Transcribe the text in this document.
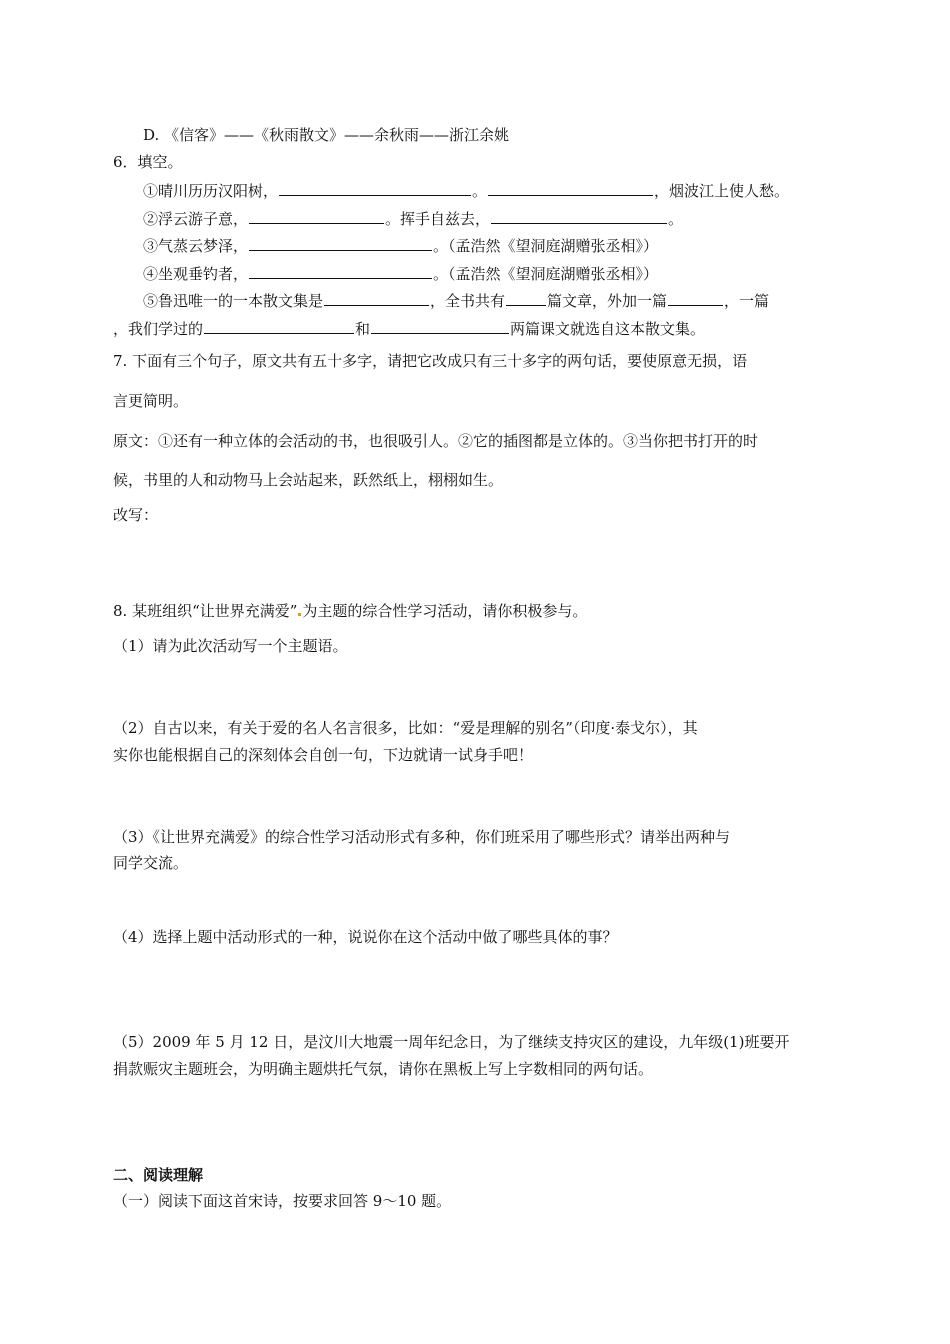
D. 《信客》——《秋雨散文》——余秋雨——浙江余姚
6．填空。
①晴川历历汉阳树，	。	，烟波江上使人愁。
②浮云游子意，	。挥手自兹去，	。
③气蒸云梦泽，	。（孟浩然《望洞庭湖赠张丞相》）
④坐观垂钓者，	。（孟浩然《望洞庭湖赠张丞相》）
⑤鲁迅唯一的一本散文集是	，全书共有	篇文章，外加一篇	，一篇
，我们学过的	和	两篇课文就选自这本散文集。
7. 下面有三个句子，原文共有五十多字，请把它改成只有三十多字的两句话，要使原意无损，语
言更简明。
原文：①还有一种立体的会活动的书，也很吸引人。②它的插图都是立体的。③当你把书打开的时
候，书里的人和动物马上会站起来，跃然纸上，栩栩如生。
改写：
8. 某班组织“让世界充满爱” 为主题的综合性学习活动，请你积极参与。
（1）请为此次活动写一个主题语。
（2）自古以来，有关于爱的名人名言很多，比如：“爱是理解的别名”（印度·泰戈尔），其
实你也能根据自己的深刻体会自创一句，下边就请一试身手吧！
（3）《让世界充满爱》的综合性学习活动形式有多种，你们班采用了哪些形式？请举出两种与
同学交流。
（4）选择上题中活动形式的一种，说说你在这个活动中做了哪些具体的事？
（5）2009 年 5 月 12 日，是汶川大地震一周年纪念日，为了继续支持灾区的建设，九年级(1)班要开
捐款赈灾主题班会，为明确主题烘托气氛，请你在黑板上写上字数相同的两句话。
二、阅读理解
（一）阅读下面这首宋诗，按要求回答 9～10 题。
